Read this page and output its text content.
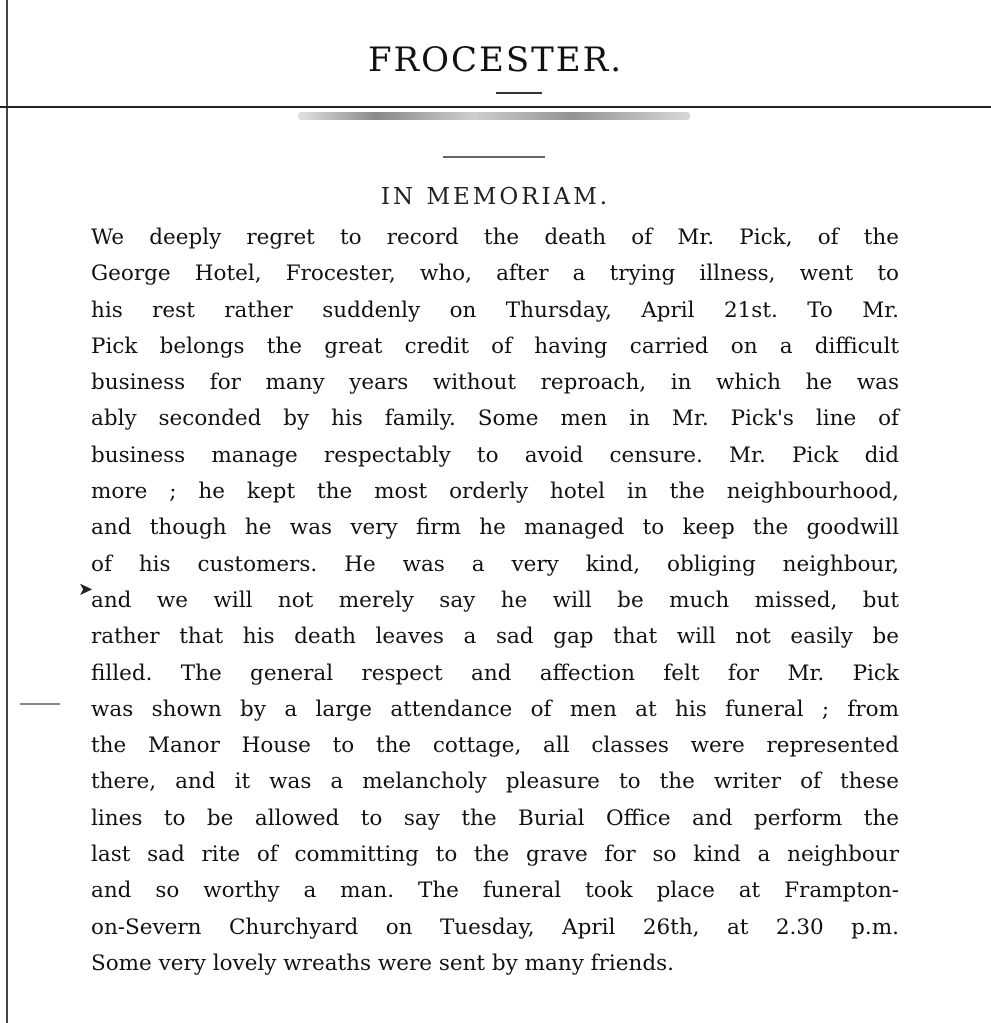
FROCESTER.
IN MEMORIAM.
➤
We deeply regret to record the death of Mr. Pick, of the
George Hotel, Frocester, who, after a trying illness, went to
his rest rather suddenly on Thursday, April 21st. To Mr.
Pick belongs the great credit of having carried on a difficult
business for many years without reproach, in which he was
ably seconded by his family. Some men in Mr. Pick's line of
business manage respectably to avoid censure. Mr. Pick did
more ; he kept the most orderly hotel in the neighbourhood,
and though he was very firm he managed to keep the goodwill
of his customers. He was a very kind, obliging neighbour,
and we will not merely say he will be much missed, but
rather that his death leaves a sad gap that will not easily be
filled. The general respect and affection felt for Mr. Pick
was shown by a large attendance of men at his funeral ; from
the Manor House to the cottage, all classes were represented
there, and it was a melancholy pleasure to the writer of these
lines to be allowed to say the Burial Office and perform the
last sad rite of committing to the grave for so kind a neighbour
and so worthy a man. The funeral took place at Frampton-
on-Severn Churchyard on Tuesday, April 26th, at 2.30 p.m.
Some very lovely wreaths were sent by many friends.
